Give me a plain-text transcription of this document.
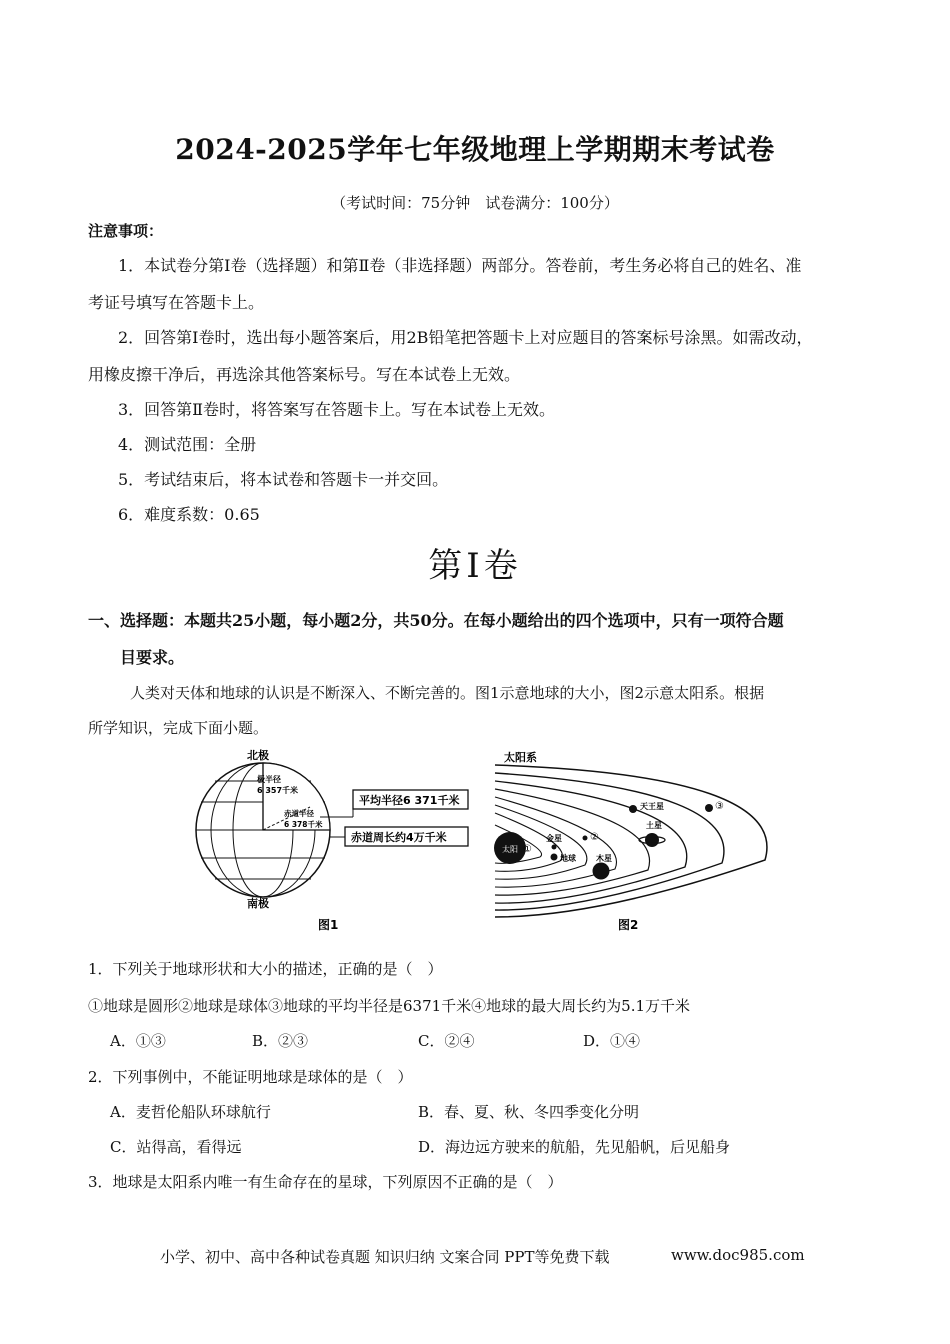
2024-2025学年七年级地理上学期期末考试卷
（考试时间：75分钟　试卷满分：100分）
注意事项：
1．本试卷分第Ⅰ卷（选择题）和第Ⅱ卷（非选择题）两部分。答卷前，考生务必将自己的姓名、准
考证号填写在答题卡上。
2．回答第Ⅰ卷时，选出每小题答案后，用2B铅笔把答题卡上对应题目的答案标号涂黑。如需改动，
用橡皮擦干净后，再选涂其他答案标号。写在本试卷上无效。
3．回答第Ⅱ卷时，将答案写在答题卡上。写在本试卷上无效。
4．测试范围：全册
5．考试结束后，将本试卷和答题卡一并交回。
6．难度系数：0.65
第Ⅰ卷
一、选择题：本题共25小题，每小题2分，共50分。在每小题给出的四个选项中，只有一项符合题
目要求。
人类对天体和地球的认识是不断深入、不断完善的。图1示意地球的大小，图2示意太阳系。根据
所学知识，完成下面小题。
北极
极半径
6 357千米
赤道半径
6 378千米
平均半径6 371千米
赤道周长约4万千米
南极
图1
太阳系
太阳 ①
金星	②
地球	木星
土星
天王星	③
图2
1．下列关于地球形状和大小的描述，正确的是（　）
①地球是圆形②地球是球体③地球的平均半径是6371千米④地球的最大周长约为5.1万千米
A．①③	B．②③	C．②④	D．①④
2．下列事例中，不能证明地球是球体的是（　）
A．麦哲伦船队环球航行	B．春、夏、秋、冬四季变化分明
C．站得高，看得远	D．海边远方驶来的航船，先见船帆，后见船身
3．地球是太阳系内唯一有生命存在的星球，下列原因不正确的是（　）
小学、初中、高中各种试卷真题 知识归纳 文案合同 PPT等免费下载	www.doc985.com
